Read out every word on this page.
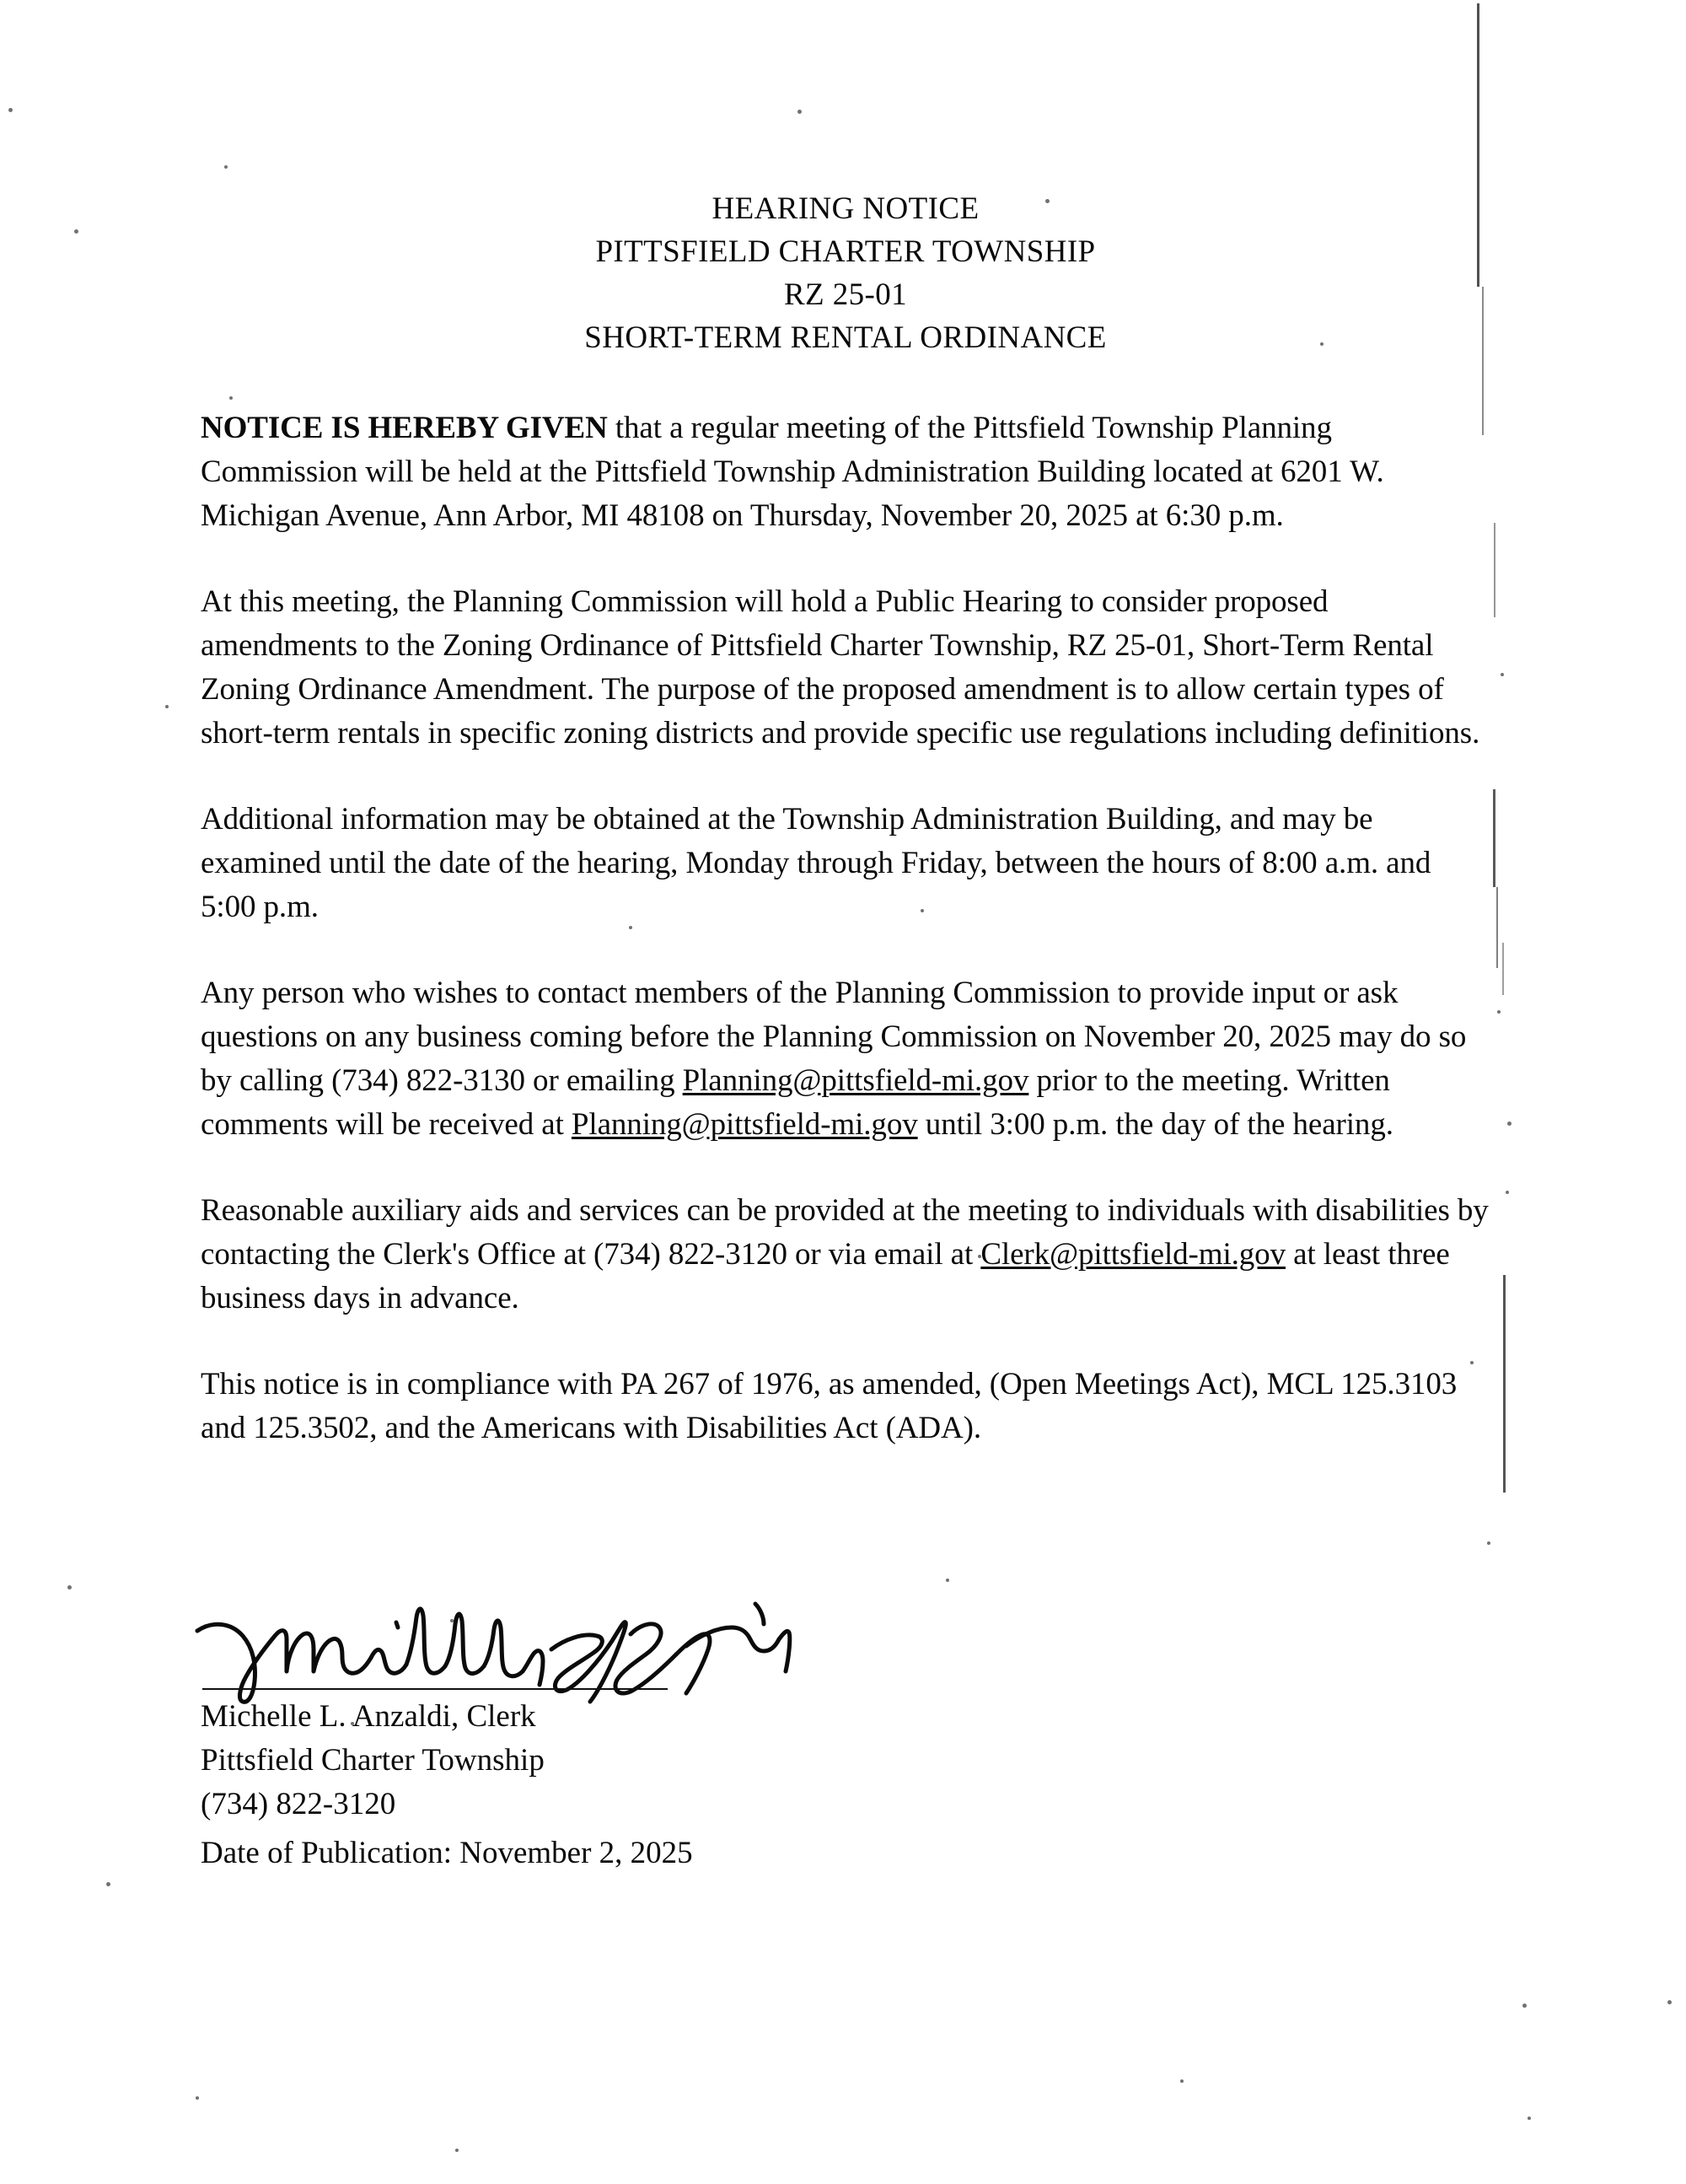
HEARING NOTICE
PITTSFIELD CHARTER TOWNSHIP
RZ 25-01
SHORT-TERM RENTAL ORDINANCE

NOTICE IS HEREBY GIVEN that a regular meeting of the Pittsfield Township Planning Commission will be held at the Pittsfield Township Administration Building located at 6201 W. Michigan Avenue, Ann Arbor, MI 48108 on Thursday, November 20, 2025 at 6:30 p.m.

At this meeting, the Planning Commission will hold a Public Hearing to consider proposed amendments to the Zoning Ordinance of Pittsfield Charter Township, RZ 25-01, Short-Term Rental Zoning Ordinance Amendment. The purpose of the proposed amendment is to allow certain types of short-term rentals in specific zoning districts and provide specific use regulations including definitions.

Additional information may be obtained at the Township Administration Building, and may be examined until the date of the hearing, Monday through Friday, between the hours of 8:00 a.m. and 5:00 p.m.

Any person who wishes to contact members of the Planning Commission to provide input or ask questions on any business coming before the Planning Commission on November 20, 2025 may do so by calling (734) 822-3130 or emailing Planning@pittsfield-mi.gov prior to the meeting. Written comments will be received at Planning@pittsfield-mi.gov until 3:00 p.m. the day of the hearing.

Reasonable auxiliary aids and services can be provided at the meeting to individuals with disabilities by contacting the Clerk's Office at (734) 822-3120 or via email at Clerk@pittsfield-mi.gov at least three business days in advance.

This notice is in compliance with PA 267 of 1976, as amended, (Open Meetings Act), MCL 125.3103 and 125.3502, and the Americans with Disabilities Act (ADA).

Michelle L. Anzaldi, Clerk
Pittsfield Charter Township
(734) 822-3120
Date of Publication: November 2, 2025
